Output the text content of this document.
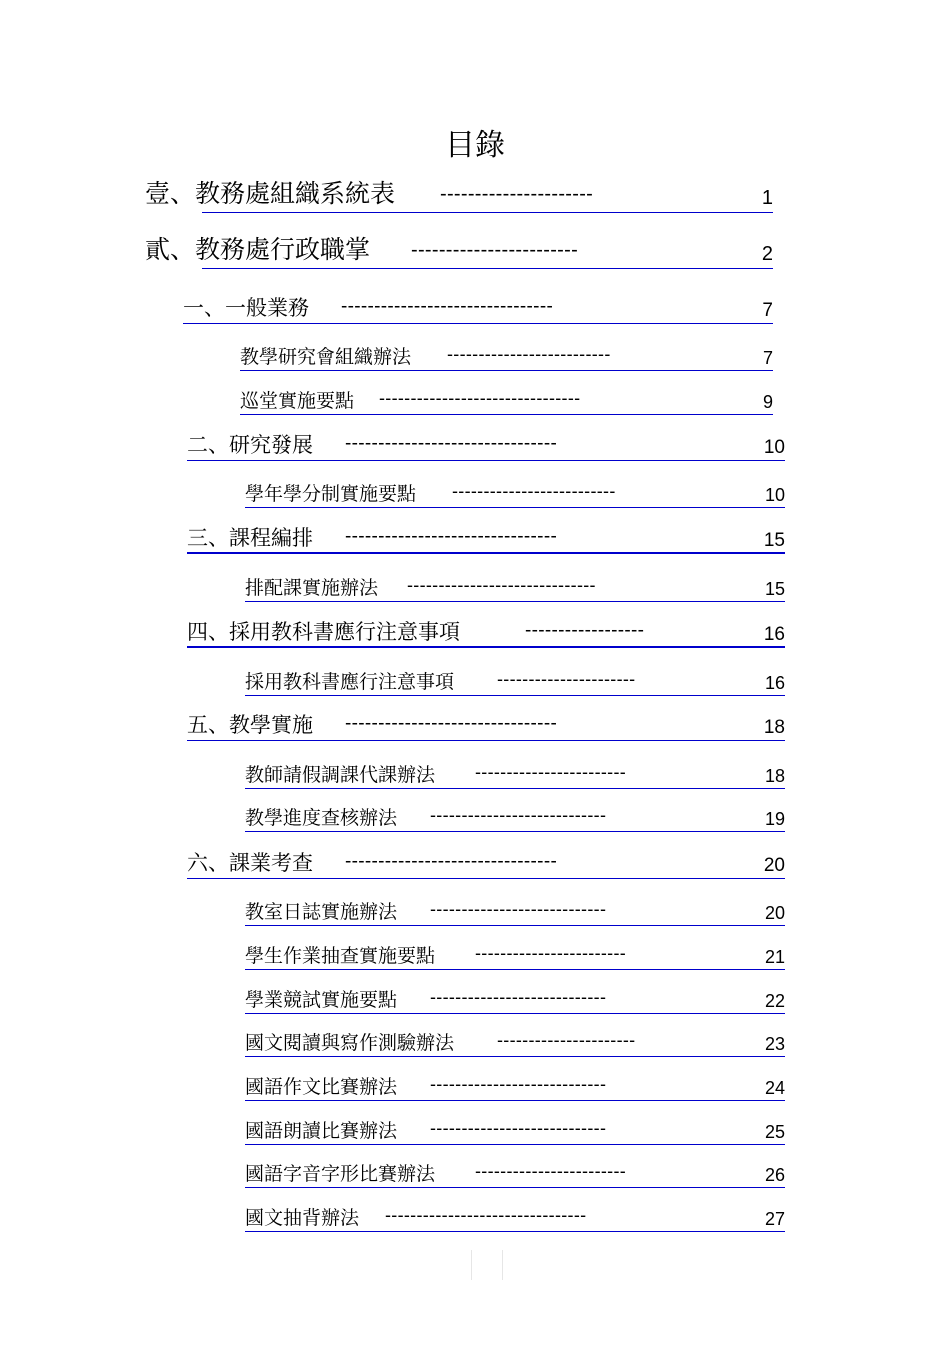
目錄
壹、教務處組織系統表 ----------------------	1
貳、教務處行政職掌 ------------------------	2
一、一般業務 --------------------------------	7
教學研究會組織辦法 --------------------------	7
巡堂實施要點 --------------------------------	9
二、研究發展 --------------------------------	10
學年學分制實施要點 --------------------------	10
三、課程編排 --------------------------------	15
排配課實施辦法 ------------------------------	15
四、採用教科書應行注意事項	------------------	16
採用教科書應行注意事項 ----------------------	16
五、教學實施 --------------------------------	18
教師請假調課代課辦法 ------------------------	18
教學進度查核辦法 ----------------------------	19
六、課業考查 --------------------------------	20
教室日誌實施辦法 ----------------------------	20
學生作業抽查實施要點 ------------------------	21
學業競試實施要點 ----------------------------	22
國文閱讀與寫作測驗辦法 ----------------------	23
國語作文比賽辦法 ----------------------------	24
國語朗讀比賽辦法 ----------------------------	25
國語字音字形比賽辦法 ------------------------	26
國文抽背辦法 --------------------------------	27
